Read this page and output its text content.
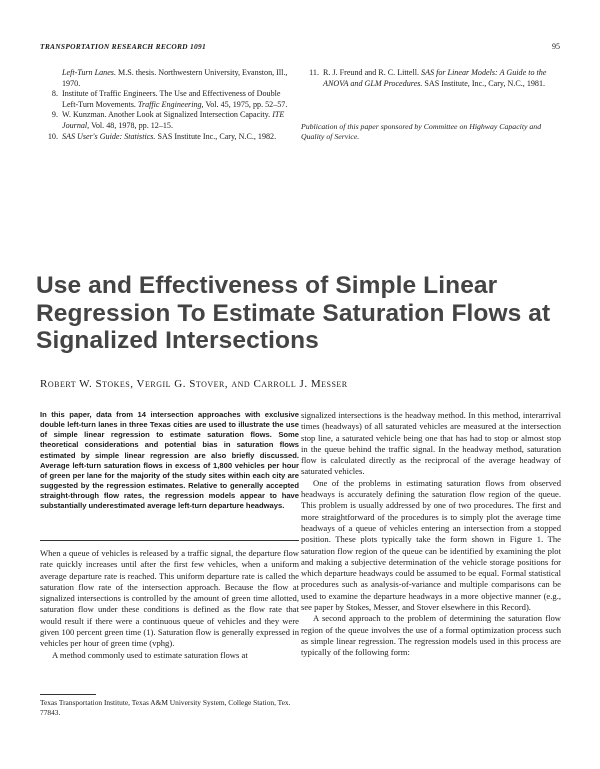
TRANSPORTATION RESEARCH RECORD 1091	95
Left-Turn Lanes. M.S. thesis. Northwestern University, Evanston, Ill., 1970.
8. Institute of Traffic Engineers. The Use and Effectiveness of Double Left-Turn Movements. Traffic Engineering, Vol. 45, 1975, pp. 52–57.
9. W. Kunzman. Another Look at Signalized Intersection Capacity. ITE Journal, Vol. 48, 1978, pp. 12–15.
10. SAS User's Guide: Statistics. SAS Institute Inc., Cary, N.C., 1982.
11. R. J. Freund and R. C. Littell. SAS for Linear Models: A Guide to the ANOVA and GLM Procedures. SAS Institute, Inc., Cary, N.C., 1981.
Publication of this paper sponsored by Committee on Highway Capacity and Quality of Service.
Use and Effectiveness of Simple Linear Regression To Estimate Saturation Flows at Signalized Intersections
Robert W. Stokes, Vergil G. Stover, and Carroll J. Messer
In this paper, data from 14 intersection approaches with exclusive double left-turn lanes in three Texas cities are used to illustrate the use of simple linear regression to estimate saturation flows. Some theoretical considerations and potential bias in saturation flows estimated by simple linear regression are also briefly discussed. Average left-turn saturation flows in excess of 1,800 vehicles per hour of green per lane for the majority of the study sites within each city are suggested by the regression estimates. Relative to generally accepted straight-through flow rates, the regression models appear to have substantially underestimated average left-turn departure headways.

When a queue of vehicles is released by a traffic signal, the departure flow rate quickly increases until after the first few vehicles, when a uniform average departure rate is reached. This uniform departure rate is called the saturation flow rate of the intersection approach. Because the flow at signalized intersections is controlled by the amount of green time allotted, saturation flow under these conditions is defined as the flow rate that would result if there were a continuous queue of vehicles and they were given 100 percent green time (1). Saturation flow is generally expressed in vehicles per hour of green time (vphg).

A method commonly used to estimate saturation flows at

Texas Transportation Institute, Texas A&M University System, College Station, Tex. 77843.

signalized intersections is the headway method. In this method, interarrival times (headways) of all saturated vehicles are measured at the intersection stop line, a saturated vehicle being one that has had to stop or almost stop in the queue behind the traffic signal. In the headway method, saturation flow is calculated directly as the reciprocal of the average headway of saturated vehicles.

One of the problems in estimating saturation flows from observed headways is accurately defining the saturation flow region of the queue. This problem is usually addressed by one of two procedures. The first and more straightforward of the procedures is to simply plot the average time headways of a queue of vehicles entering an intersection from a stopped position. These plots typically take the form shown in Figure 1. The saturation flow region of the queue can be identified by examining the plot and making a subjective determination of the vehicle storage positions for which departure headways could be assumed to be equal. Formal statistical procedures such as analysis-of-variance and multiple comparisons can be used to examine the departure headways in a more objective manner (e.g., see paper by Stokes, Messer, and Stover elsewhere in this Record).

A second approach to the problem of determining the saturation flow region of the queue involves the use of a formal optimization process such as simple linear regression. The regression models used in this process are typically of the following form:
